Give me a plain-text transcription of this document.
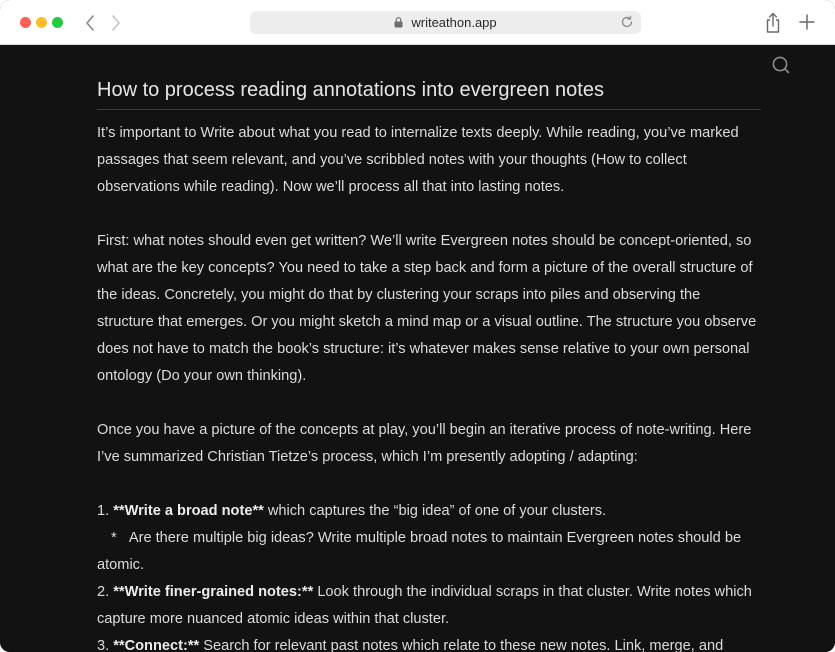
writeathon.app
How to process reading annotations into evergreen notes

It’s important to Write about what you read to internalize texts deeply. While reading, you’ve marked passages that seem relevant, and you’ve scribbled notes with your thoughts (How to collect observations while reading). Now we’ll process all that into lasting notes.

First: what notes should even get written? We’ll write Evergreen notes should be concept-oriented, so what are the key concepts? You need to take a step back and form a picture of the overall structure of the ideas. Concretely, you might do that by clustering your scraps into piles and observing the structure that emerges. Or you might sketch a mind map or a visual outline. The structure you observe does not have to match the book’s structure: it’s whatever makes sense relative to your own personal ontology (Do your own thinking).

Once you have a picture of the concepts at play, you’ll begin an iterative process of note-writing. Here I’ve summarized Christian Tietze’s process, which I’m presently adopting / adapting:

1. **Write a broad note** which captures the “big idea” of one of your clusters.

* Are there multiple big ideas? Write multiple broad notes to maintain Evergreen notes should be atomic.

2. **Write finer-grained notes:** Look through the individual scraps in that cluster. Write notes which capture more nuanced atomic ideas within that cluster.

3. **Connect:** Search for relevant past notes which relate to these new notes. Link, merge, and
